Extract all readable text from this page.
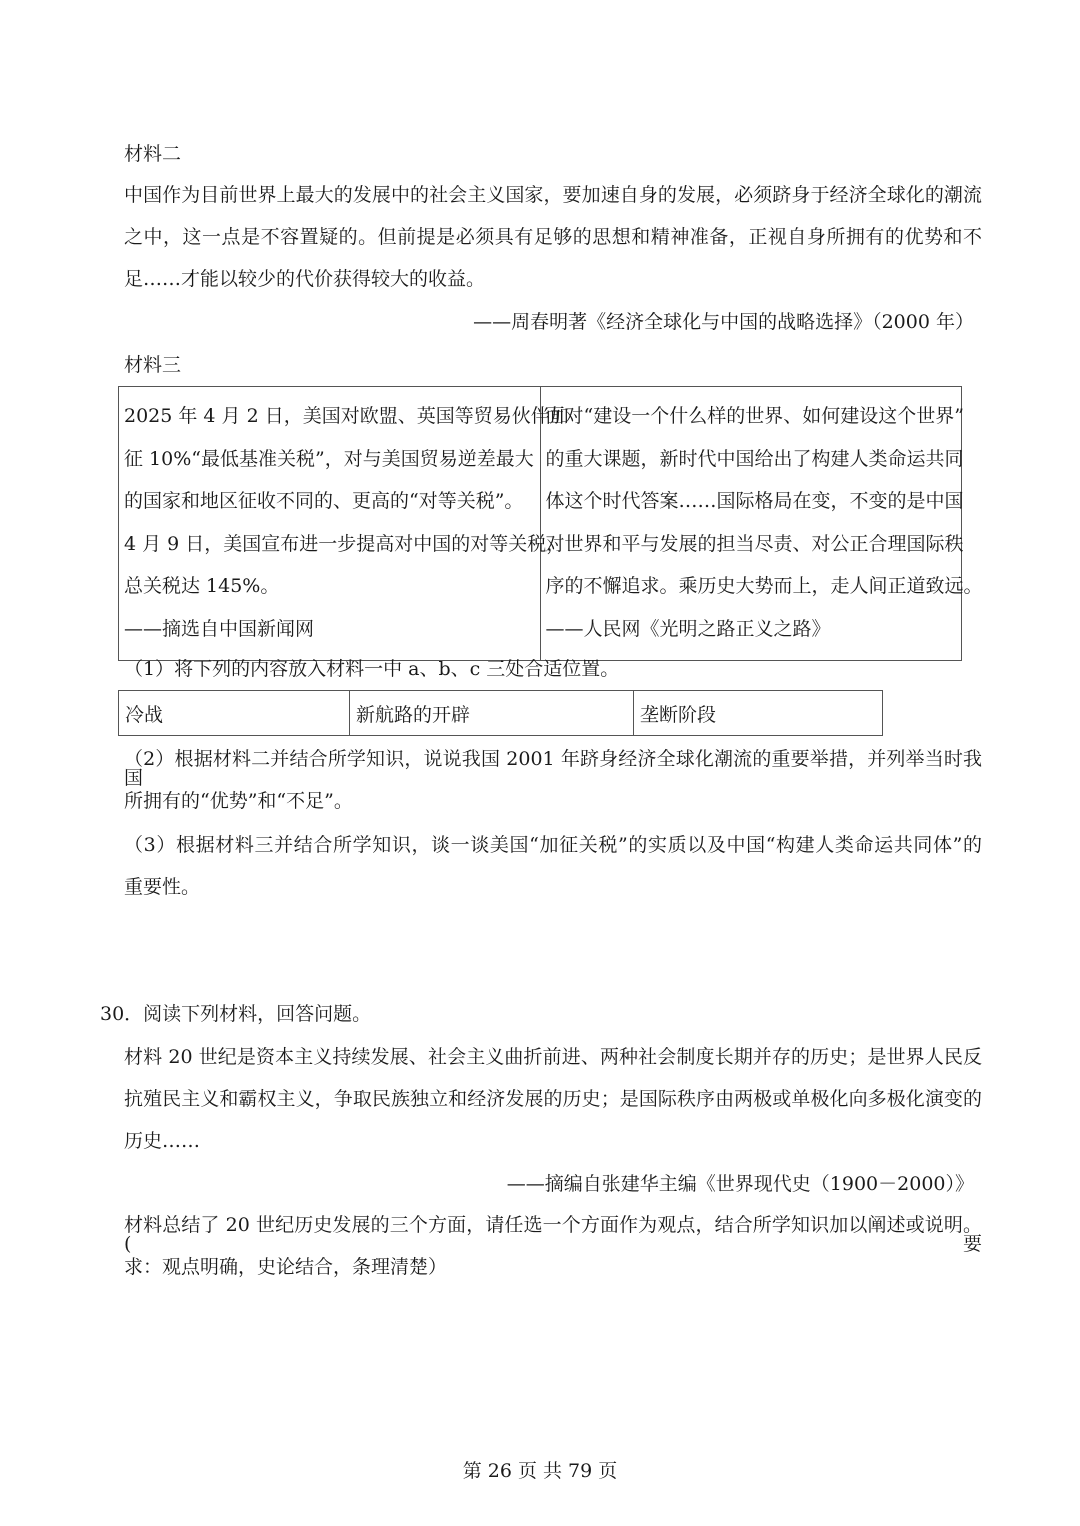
材料二
中国作为目前世界上最大的发展中的社会主义国家，要加速自身的发展，必须跻身于经济全球化的潮流
之中，这一点是不容置疑的。但前提是必须具有足够的思想和精神准备，正视自身所拥有的优势和不
足……才能以较少的代价获得较大的收益。
——周春明著《经济全球化与中国的战略选择》（2000 年）
材料三
2025 年 4 月 2 日，美国对欧盟、英国等贸易伙伴加
征 10%“最低基准关税”，对与美国贸易逆差最大
的国家和地区征收不同的、更高的“对等关税”。
4 月 9 日，美国宣布进一步提高对中国的对等关税，
总关税达 145%。
——摘选自中国新闻网

面对“建设一个什么样的世界、如何建设这个世界”
的重大课题，新时代中国给出了构建人类命运共同
体这个时代答案……国际格局在变，不变的是中国
对世界和平与发展的担当尽责、对公正合理国际秩
序的不懈追求。乘历史大势而上，走人间正道致远。
——人民网《光明之路正义之路》
（1）将下列的内容放入材料一中 a、b、c 三处合适位置。
冷战	新航路的开辟	垄断阶段
（2）根据材料二并结合所学知识，说说我国 2001 年跻身经济全球化潮流的重要举措，并列举当时我国
所拥有的“优势”和“不足”。
（3）根据材料三并结合所学知识，谈一谈美国“加征关税”的实质以及中国“构建人类命运共同体”的
重要性。
30．阅读下列材料，回答问题。
材料 20 世纪是资本主义持续发展、社会主义曲折前进、两种社会制度长期并存的历史；是世界人民反
抗殖民主义和霸权主义，争取民族独立和经济发展的历史；是国际秩序由两极或单极化向多极化演变的
历史……
——摘编自张建华主编《世界现代史（1900－2000）》
材料总结了 20 世纪历史发展的三个方面，请任选一个方面作为观点，结合所学知识加以阐述或说明。(要
求：观点明确，史论结合，条理清楚）
第 26 页 共 79 页
